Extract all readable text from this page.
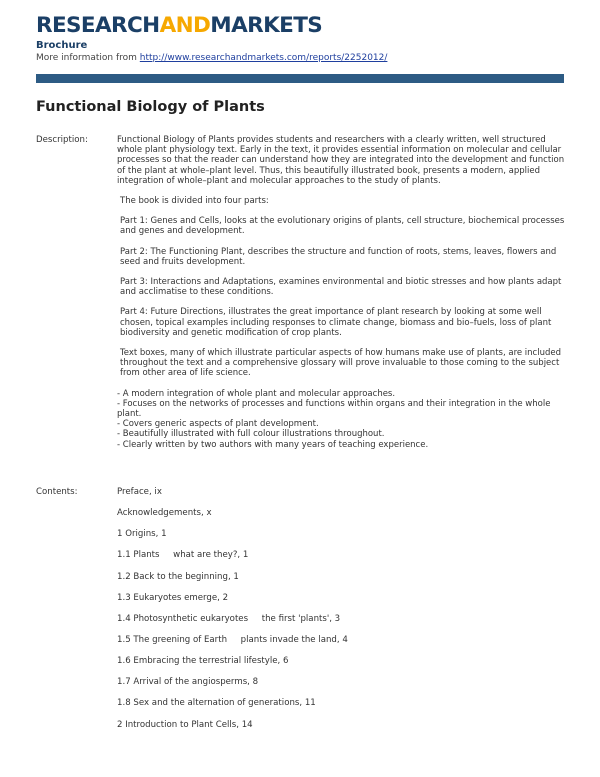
RESEARCHANDMARKETS
Brochure
More information from http://www.researchandmarkets.com/reports/2252012/
Functional Biology of Plants
Description:	Functional Biology of Plants provides students and researchers with a clearly written, well structured whole plant physiology text. Early in the text, it provides essential information on molecular and cellular processes so that the reader can understand how they are integrated into the development and function of the plant at whole–plant level. Thus, this beautifully illustrated book, presents a modern, applied integration of whole–plant and molecular approaches to the study of plants.

The book is divided into four parts:

Part 1: Genes and Cells, looks at the evolutionary origins of plants, cell structure, biochemical processes and genes and development.

Part 2: The Functioning Plant, describes the structure and function of roots, stems, leaves, flowers and seed and fruits development.

Part 3: Interactions and Adaptations, examines environmental and biotic stresses and how plants adapt and acclimatise to these conditions.

Part 4: Future Directions, illustrates the great importance of plant research by looking at some well chosen, topical examples including responses to climate change, biomass and bio–fuels, loss of plant biodiversity and genetic modification of crop plants.

Text boxes, many of which illustrate particular aspects of how humans make use of plants, are included throughout the text and a comprehensive glossary will prove invaluable to those coming to the subject from other area of life science.

- A modern integration of whole plant and molecular approaches.
- Focuses on the networks of processes and functions within organs and their integration in the whole plant.
- Covers generic aspects of plant development.
- Beautifully illustrated with full colour illustrations throughout.
- Clearly written by two authors with many years of teaching experience.
Contents:	Preface, ix
Acknowledgements, x
1 Origins, 1
1.1 Plants     what are they?, 1
1.2 Back to the beginning, 1
1.3 Eukaryotes emerge, 2
1.4 Photosynthetic eukaryotes     the first 'plants', 3
1.5 The greening of Earth     plants invade the land, 4
1.6 Embracing the terrestrial lifestyle, 6
1.7 Arrival of the angiosperms, 8
1.8 Sex and the alternation of generations, 11
2 Introduction to Plant Cells, 14
